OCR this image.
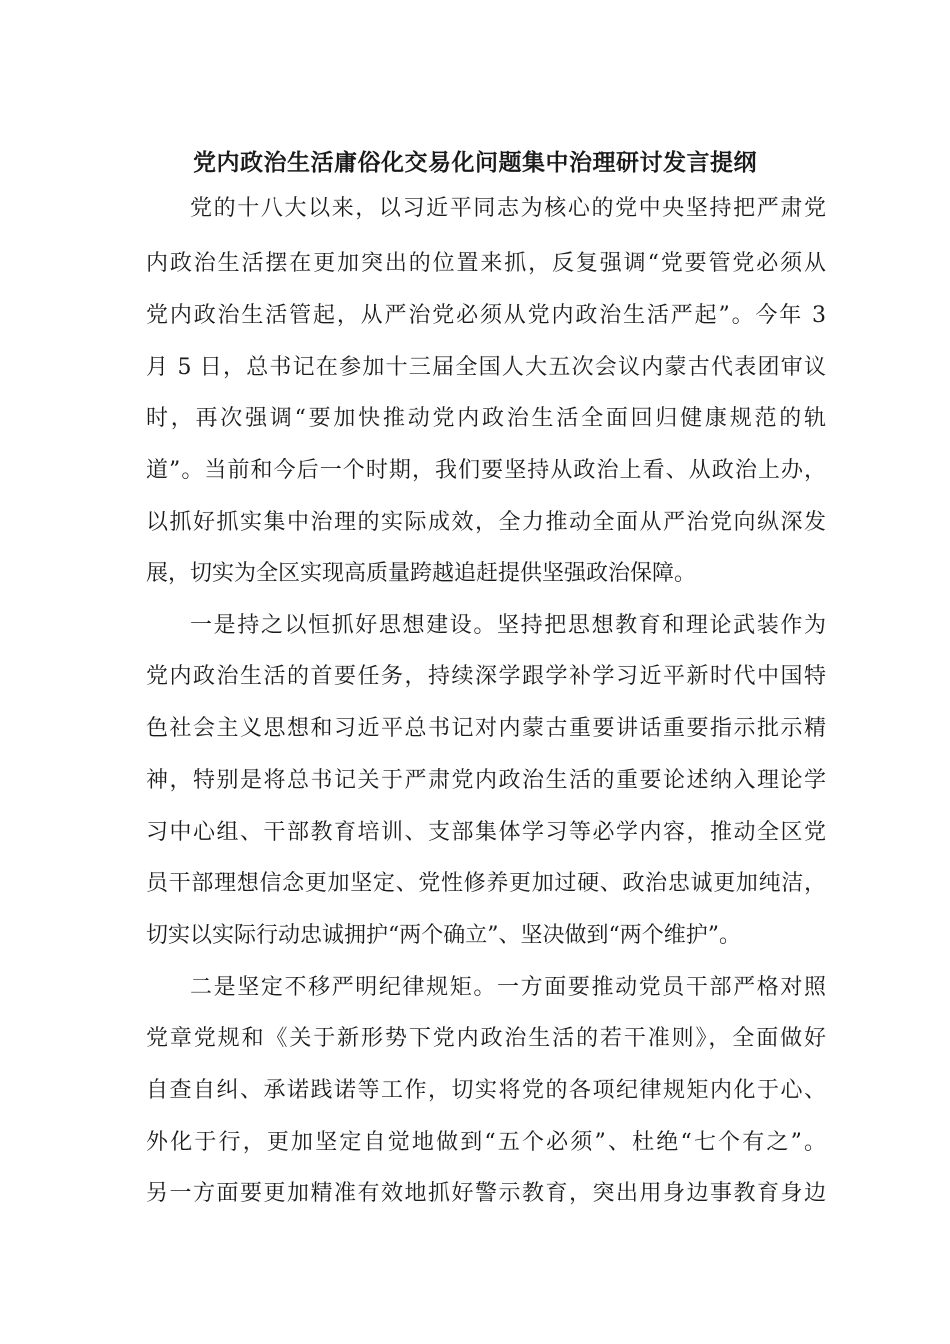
党内政治生活庸俗化交易化问题集中治理研讨发言提纲

党的十八大以来，以习近平同志为核心的党中央坚持把严肃党

内政治生活摆在更加突出的位置来抓，反复强调“党要管党必须从

党内政治生活管起，从严治党必须从党内政治生活严起”。今年 3

月 5 日，总书记在参加十三届全国人大五次会议内蒙古代表团审议

时，再次强调“要加快推动党内政治生活全面回归健康规范的轨

道”。当前和今后一个时期，我们要坚持从政治上看、从政治上办，

以抓好抓实集中治理的实际成效，全力推动全面从严治党向纵深发

展，切实为全区实现高质量跨越追赶提供坚强政治保障。

一是持之以恒抓好思想建设。坚持把思想教育和理论武装作为

党内政治生活的首要任务，持续深学跟学补学习近平新时代中国特

色社会主义思想和习近平总书记对内蒙古重要讲话重要指示批示精

神，特别是将总书记关于严肃党内政治生活的重要论述纳入理论学

习中心组、干部教育培训、支部集体学习等必学内容，推动全区党

员干部理想信念更加坚定、党性修养更加过硬、政治忠诚更加纯洁，

切实以实际行动忠诚拥护“两个确立”、坚决做到“两个维护”。

二是坚定不移严明纪律规矩。一方面要推动党员干部严格对照

党章党规和《关于新形势下党内政治生活的若干准则》，全面做好

自查自纠、承诺践诺等工作，切实将党的各项纪律规矩内化于心、

外化于行，更加坚定自觉地做到“五个必须”、杜绝“七个有之”。

另一方面要更加精准有效地抓好警示教育，突出用身边事教育身边
